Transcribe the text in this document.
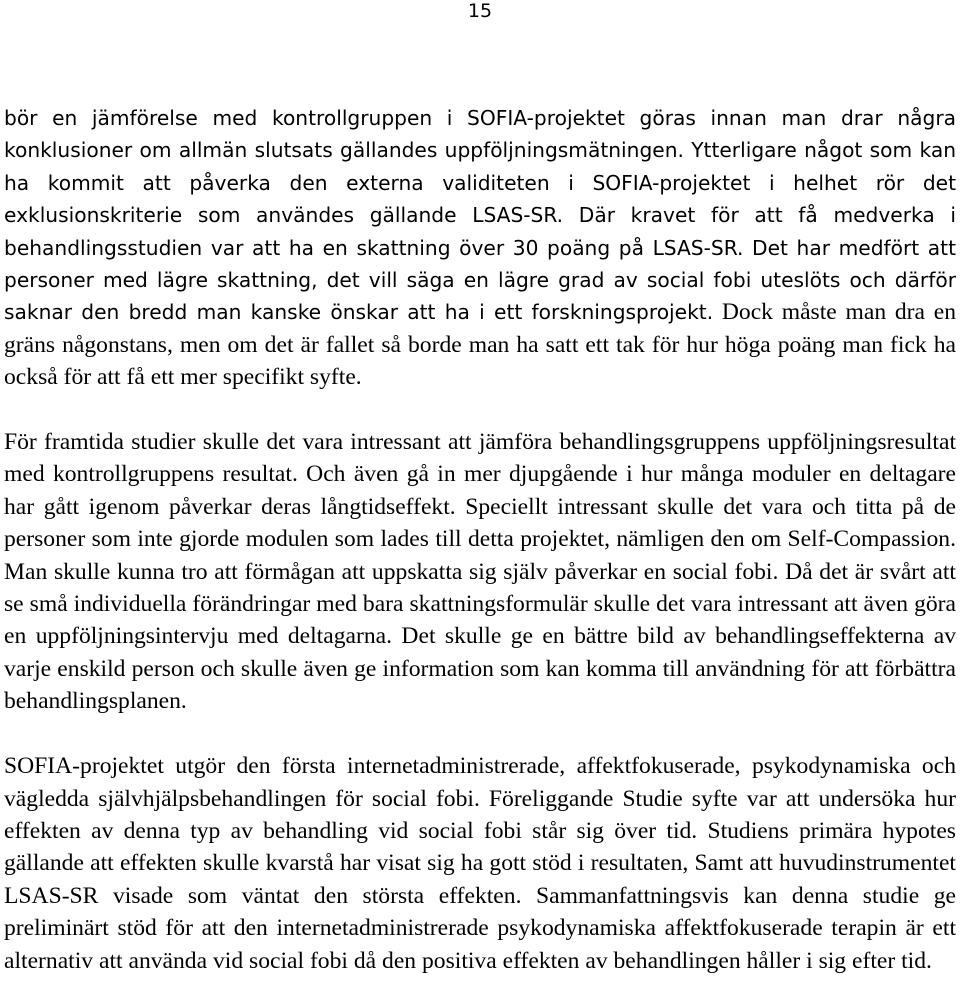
15

bör en jämförelse med kontrollgruppen i SOFIA-projektet göras innan man drar några konklusioner om allmän slutsats gällandes uppföljningsmätningen. Ytterligare något som kan ha kommit att påverka den externa validiteten i SOFIA-projektet i helhet rör det exklusionskriterie som användes gällande LSAS-SR. Där kravet för att få medverka i behandlingsstudien var att ha en skattning över 30 poäng på LSAS-SR. Det har medfört att personer med lägre skattning, det vill säga en lägre grad av social fobi uteslöts och därför saknar den bredd man kanske önskar att ha i ett forskningsprojekt. Dock måste man dra en gräns någonstans, men om det är fallet så borde man ha satt ett tak för hur höga poäng man fick ha också för att få ett mer specifikt syfte.

För framtida studier skulle det vara intressant att jämföra behandlingsgruppens uppföljningsresultat med kontrollgruppens resultat. Och även gå in mer djupgående i hur många moduler en deltagare har gått igenom påverkar deras långtidseffekt. Speciellt intressant skulle det vara och titta på de personer som inte gjorde modulen som lades till detta projektet, nämligen den om Self-Compassion. Man skulle kunna tro att förmågan att uppskatta sig själv påverkar en social fobi. Då det är svårt att se små individuella förändringar med bara skattningsformulär skulle det vara intressant att även göra en uppföljningsintervju med deltagarna. Det skulle ge en bättre bild av behandlingseffekterna av varje enskild person och skulle även ge information som kan komma till användning för att förbättra behandlingsplanen.

SOFIA-projektet utgör den första internetadministrerade, affektfokuserade, psykodynamiska och vägledda självhjälpsbehandlingen för social fobi. Föreliggande Studie syfte var att undersöka hur effekten av denna typ av behandling vid social fobi står sig över tid. Studiens primära hypotes gällande att effekten skulle kvarstå har visat sig ha gott stöd i resultaten, Samt att huvudinstrumentet LSAS-SR visade som väntat den största effekten. Sammanfattningsvis kan denna studie ge preliminärt stöd för att den internetadministrerade psykodynamiska affektfokuserade terapin är ett alternativ att använda vid social fobi då den positiva effekten av behandlingen håller i sig efter tid.
